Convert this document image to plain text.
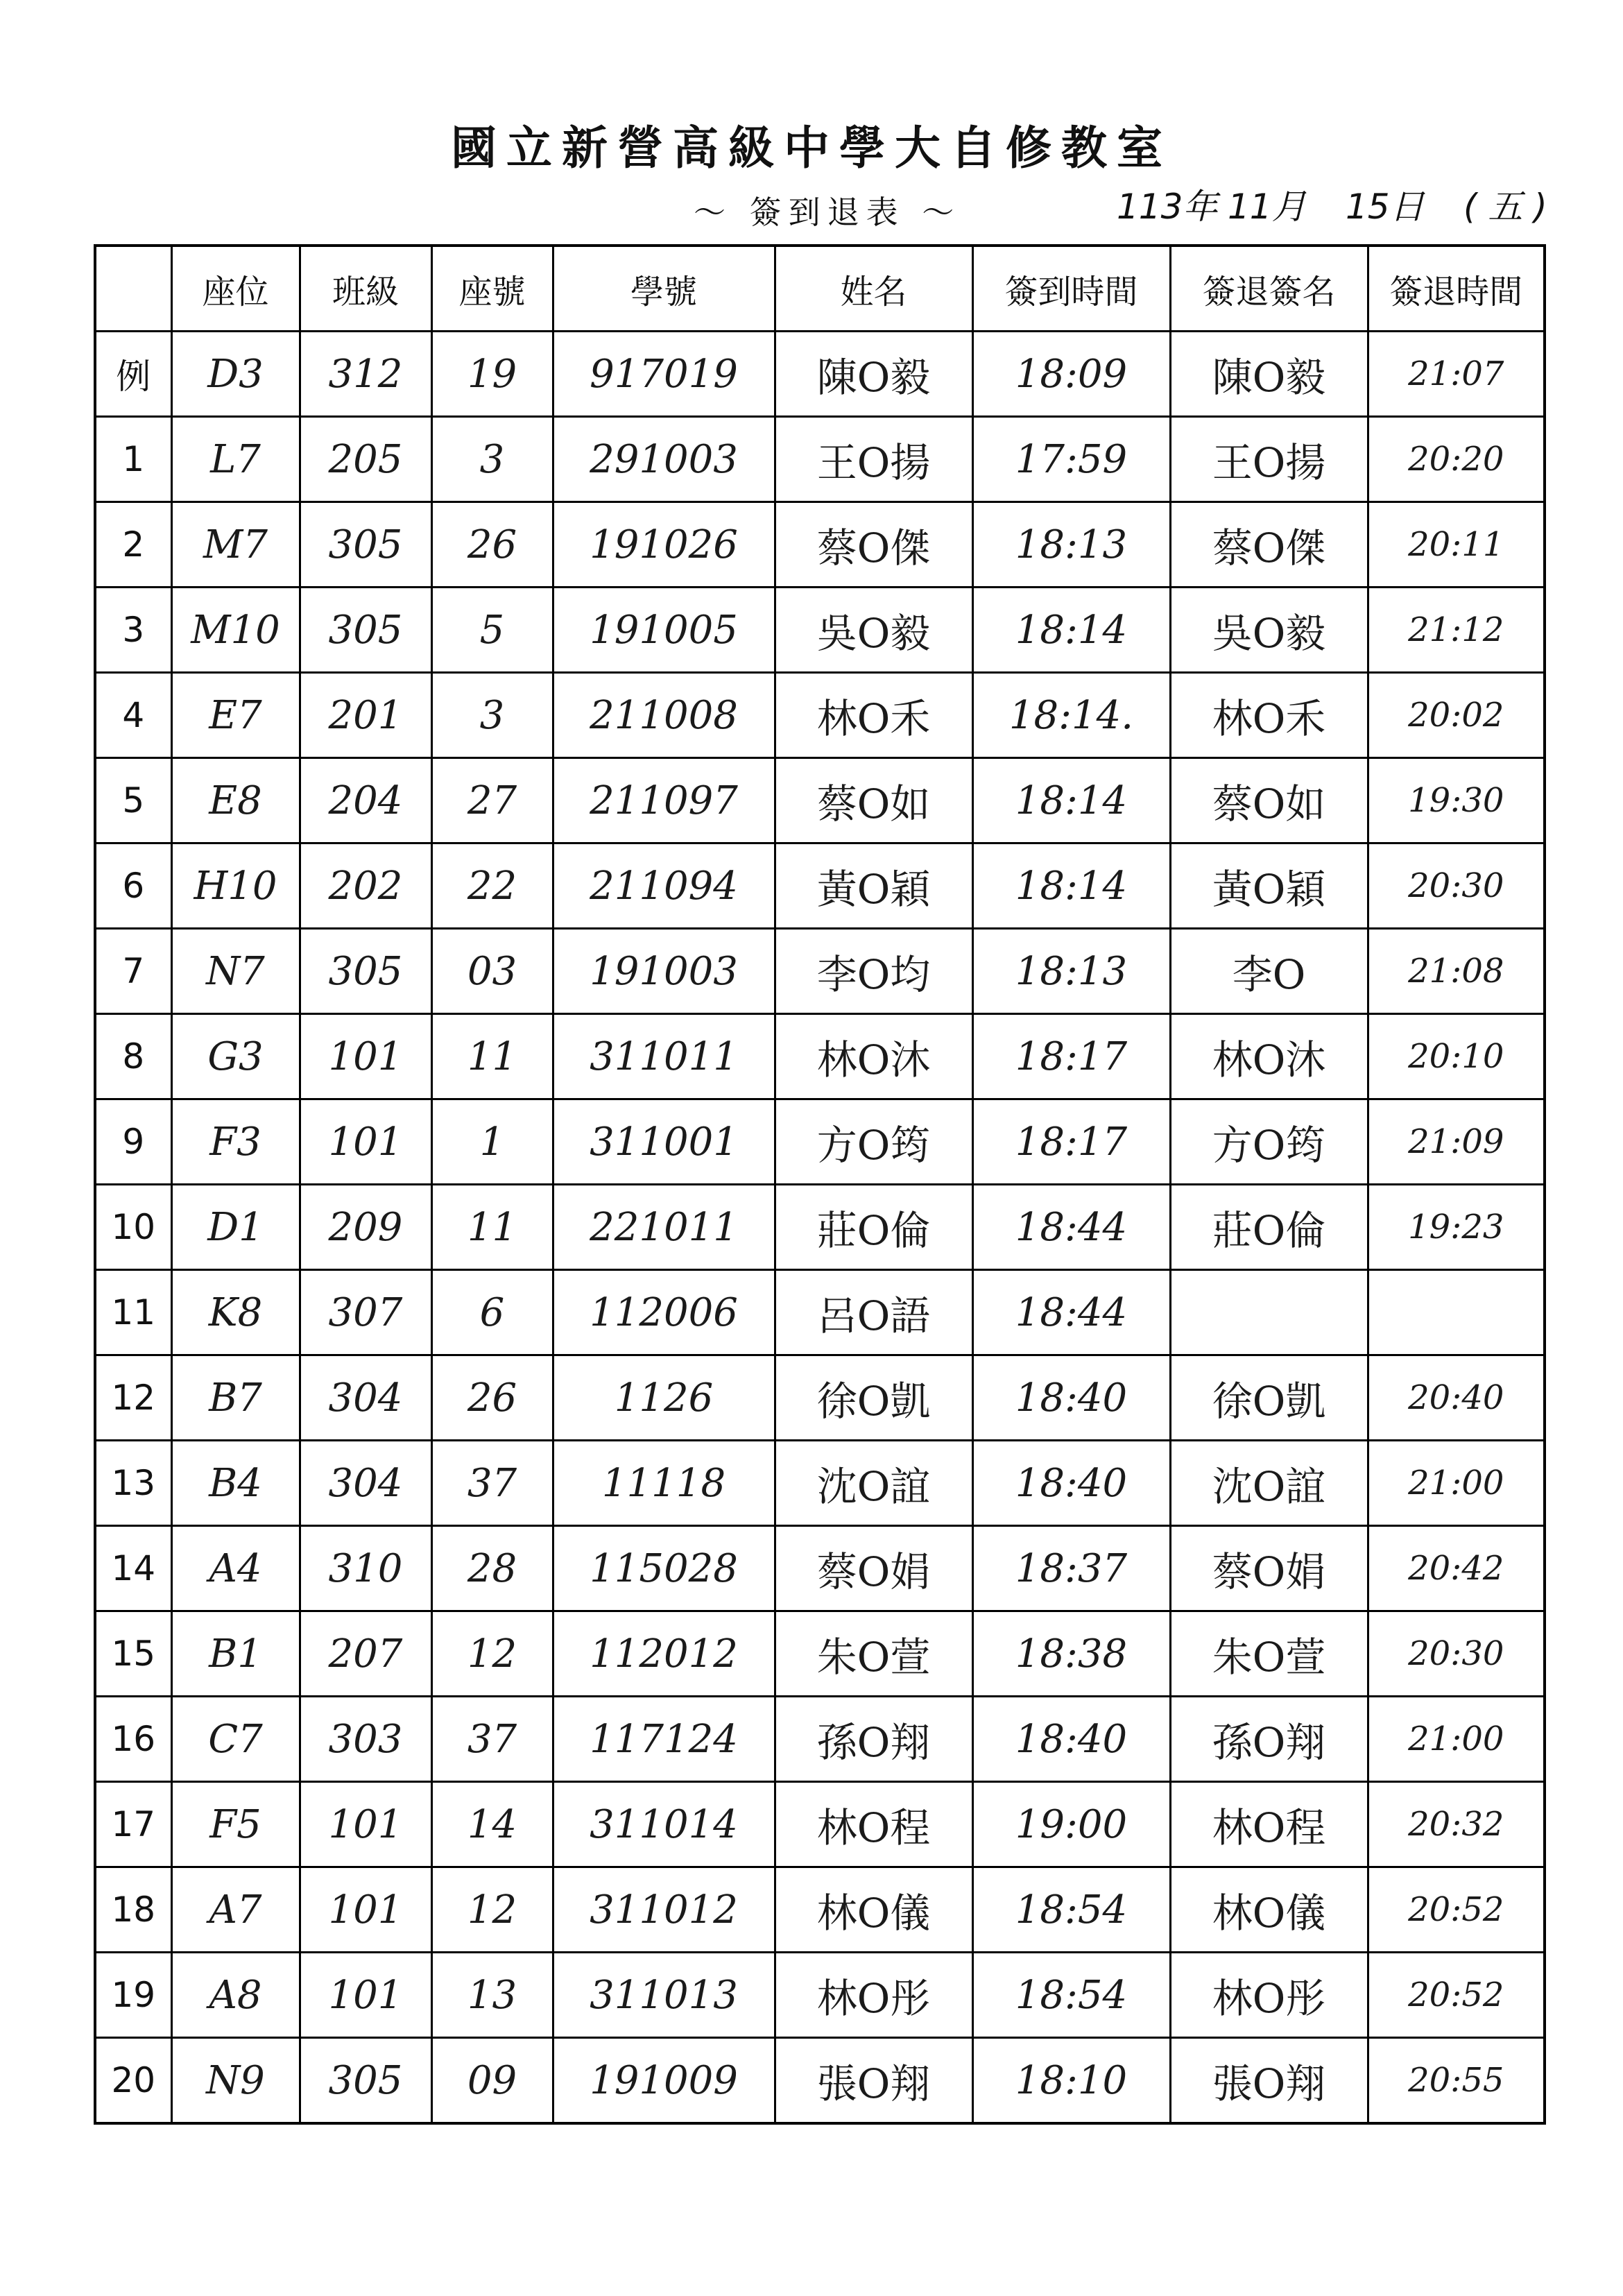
國立新營高級中學大自修教室
～ 簽到退表 ～	113年 11月 15日 ( 五 )
	座位	班級	座號	學號	姓名	簽到時間	簽退簽名	簽退時間
例	D3	312	19	917019	陳O毅	18:09	陳O毅	21:07
1	L7	205	3	291003	王O揚	17:59	王O揚	20:20
2	M7	305	26	191026	蔡O傑	18:13	蔡O傑	20:11
3	M10	305	5	191005	吳O毅	18:14	吳O毅	21:12
4	E7	201	3	211008	林O禾	18:14.	林O禾	20:02
5	E8	204	27	211097	蔡O如	18:14	蔡O如	19:30
6	H10	202	22	211094	黃O穎	18:14	黃O穎	20:30
7	N7	305	03	191003	李O均	18:13	李O	21:08
8	G3	101	11	311011	林O沐	18:17	林O沐	20:10
9	F3	101	1	311001	方O筠	18:17	方O筠	21:09
10	D1	209	11	221011	莊O倫	18:44	莊O倫	19:23
11	K8	307	6	112006	呂O語	18:44		
12	B7	304	26	1126	徐O凱	18:40	徐O凱	20:40
13	B4	304	37	11118	沈O誼	18:40	沈O誼	21:00
14	A4	310	28	115028	蔡O娟	18:37	蔡O娟	20:42
15	B1	207	12	112012	朱O萱	18:38	朱O萱	20:30
16	C7	303	37	117124	孫O翔	18:40	孫O翔	21:00
17	F5	101	14	311014	林O程	19:00	林O程	20:32
18	A7	101	12	311012	林O儀	18:54	林O儀	20:52
19	A8	101	13	311013	林O彤	18:54	林O彤	20:52
20	N9	305	09	191009	張O翔	18:10	張O翔	20:55
